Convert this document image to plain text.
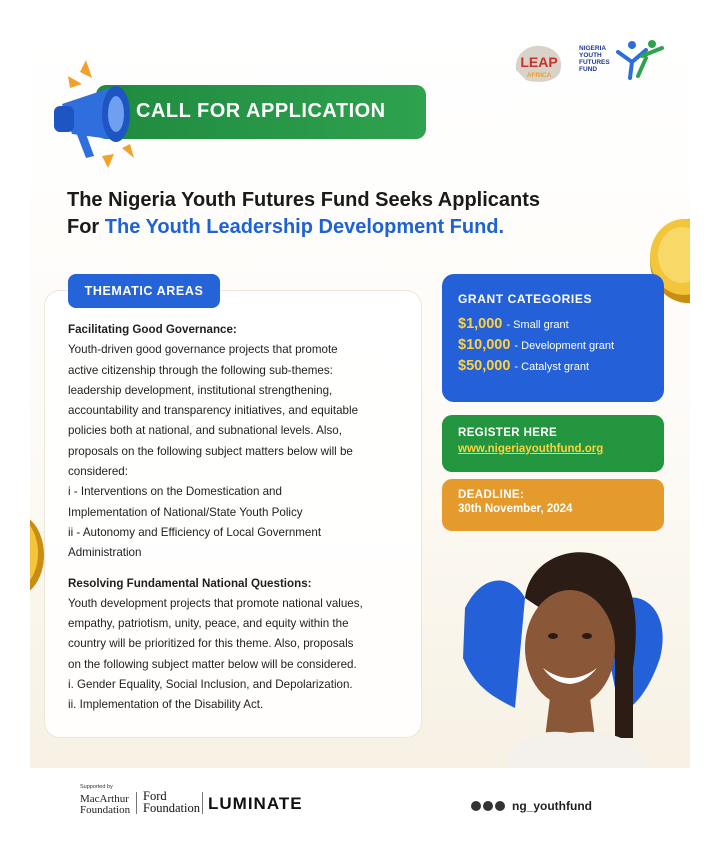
LEAP
AFRICA
NIGERIA
YOUTH
FUTURES
FUND
CALL FOR APPLICATION
The Nigeria Youth Futures Fund Seeks Applicants
For The Youth Leadership Development Fund.
THEMATIC AREAS
Facilitating Good Governance:
Youth-driven good governance projects that promote
active citizenship through the following sub-themes:
leadership development, institutional strengthening,
accountability and transparency initiatives, and equitable
policies both at national, and subnational levels. Also,
proposals on the following subject matters below will be
considered:
i - Interventions on the Domestication and
Implementation of National/State Youth Policy
ii - Autonomy and Efficiency of Local Government
Administration
Resolving Fundamental National Questions:
Youth development projects that promote national values,
empathy, patriotism, unity, peace, and equity within the
country will be prioritized for this theme. Also, proposals
on the following subject matter below will be considered.
i. Gender Equality, Social Inclusion, and Depolarization.
ii. Implementation of the Disability Act.
GRANT CATEGORIES
$1,000 - Small grant
$10,000 - Development grant
$50,000 - Catalyst grant
REGISTER HERE
www.nigeriayouthfund.org
DEADLINE:
30th November, 2024
Supported by
MacArthur
Foundation
Ford
Foundation LUMINATE	ng_youthfund
